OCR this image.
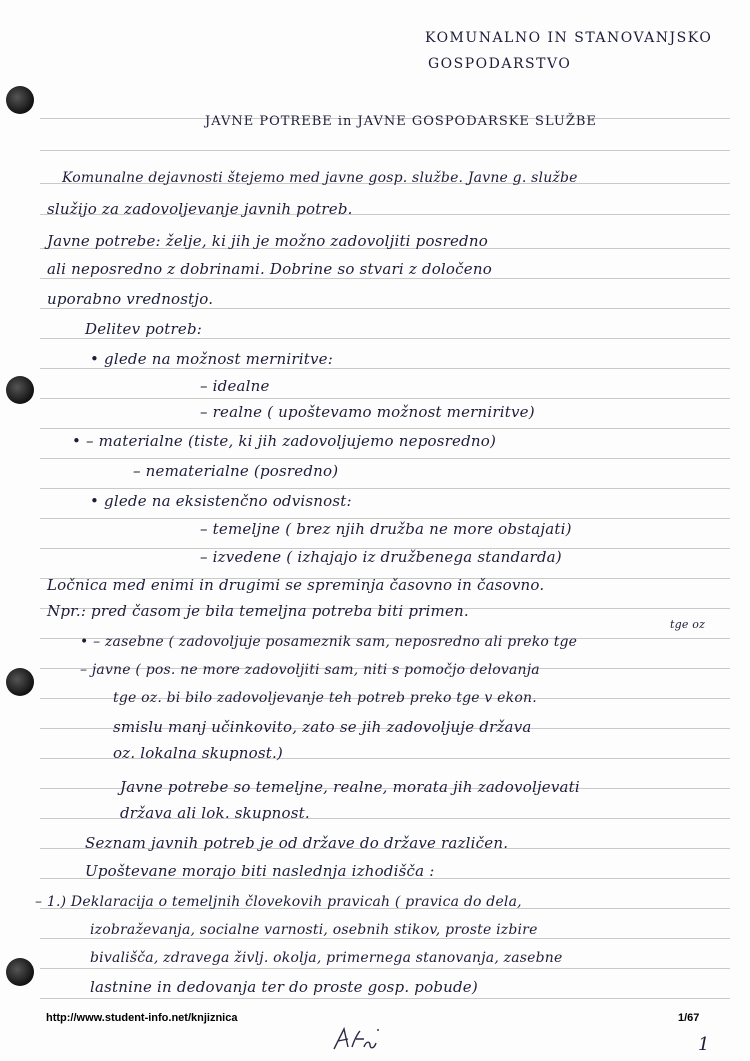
KOMUNALNO IN STANOVANJSKO
GOSPODARSTVO
JAVNE POTREBE in JAVNE GOSPODARSKE SLUŽBE
Komunalne dejavnosti štejemo med javne gosp. službe. Javne g. službe
služijo za zadovoljevanje javnih potreb.
Javne potrebe: želje, ki jih je možno zadovoljiti posredno
ali neposredno z dobrinami. Dobrine so stvari z določeno
uporabno vrednostjo.
Delitev potreb:
• glede na možnost merniritve:
– idealne
– realne ( upoštevamo možnost merniritve)
• – materialne (tiste, ki jih zadovoljujemo neposredno)
– nematerialne (posredno)
• glede na eksistenčno odvisnost:
– temeljne ( brez njih družba ne more obstajati)
– izvedene ( izhajajo iz družbenega standarda)
Ločnica med enimi in drugimi se spreminja časovno in časovno.
Npr.: pred časom je bila temeljna potreba biti primen.
• – zasebne ( zadovoljuje posameznik sam, neposredno ali preko tge
tge oz
– javne ( pos. ne more zadovoljiti sam, niti s pomočjo delovanja
tge oz. bi bilo zadovoljevanje teh potreb preko tge v ekon.
smislu manj učinkovito, zato se jih zadovoljuje država
oz. lokalna skupnost.)
Javne potrebe so temeljne, realne, morata jih zadovoljevati
država ali lok. skupnost.
Seznam javnih potreb je od države do države različen.
Upoštevane morajo biti naslednja izhodišča :
– 1.) Deklaracija o temeljnih človekovih pravicah ( pravica do dela,
izobraževanja, socialne varnosti, osebnih stikov, proste izbire
bivališča, zdravega življ. okolja, primernega stanovanja, zasebne
lastnine in dedovanja ter do proste gosp. pobude)
http://www.student-info.net/knjiznica	1/67
1
